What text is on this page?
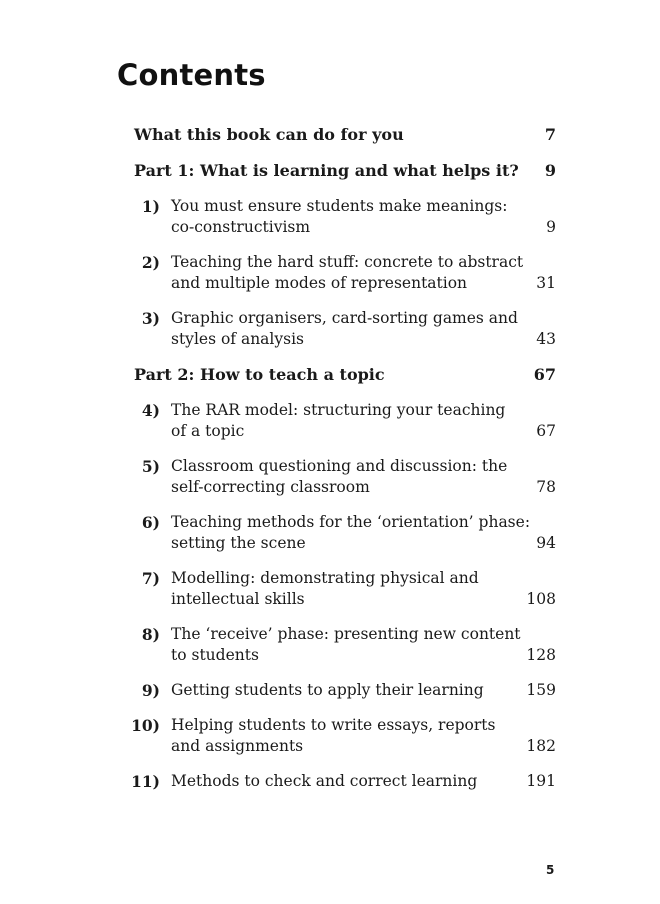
Contents
What this book can do for you	7
Part 1: What is learning and what helps it? 9
1) You must ensure students make meanings:
co-constructivism	9
2) Teaching the hard stuff: concrete to abstract
and multiple modes of representation	31
3) Graphic organisers, card-sorting games and
styles of analysis	43
Part 2: How to teach a topic	67
4) The RAR model: structuring your teaching
of a topic	67
5) Classroom questioning and discussion: the
self-correcting classroom	78
6) Teaching methods for the ‘orientation’ phase:
setting the scene	94
7) Modelling: demonstrating physical and
intellectual skills	108
8) The ‘receive’ phase: presenting new content
to students	128
9) Getting students to apply their learning	159
10) Helping students to write essays, reports
and assignments	182
11) Methods to check and correct learning	191
5
